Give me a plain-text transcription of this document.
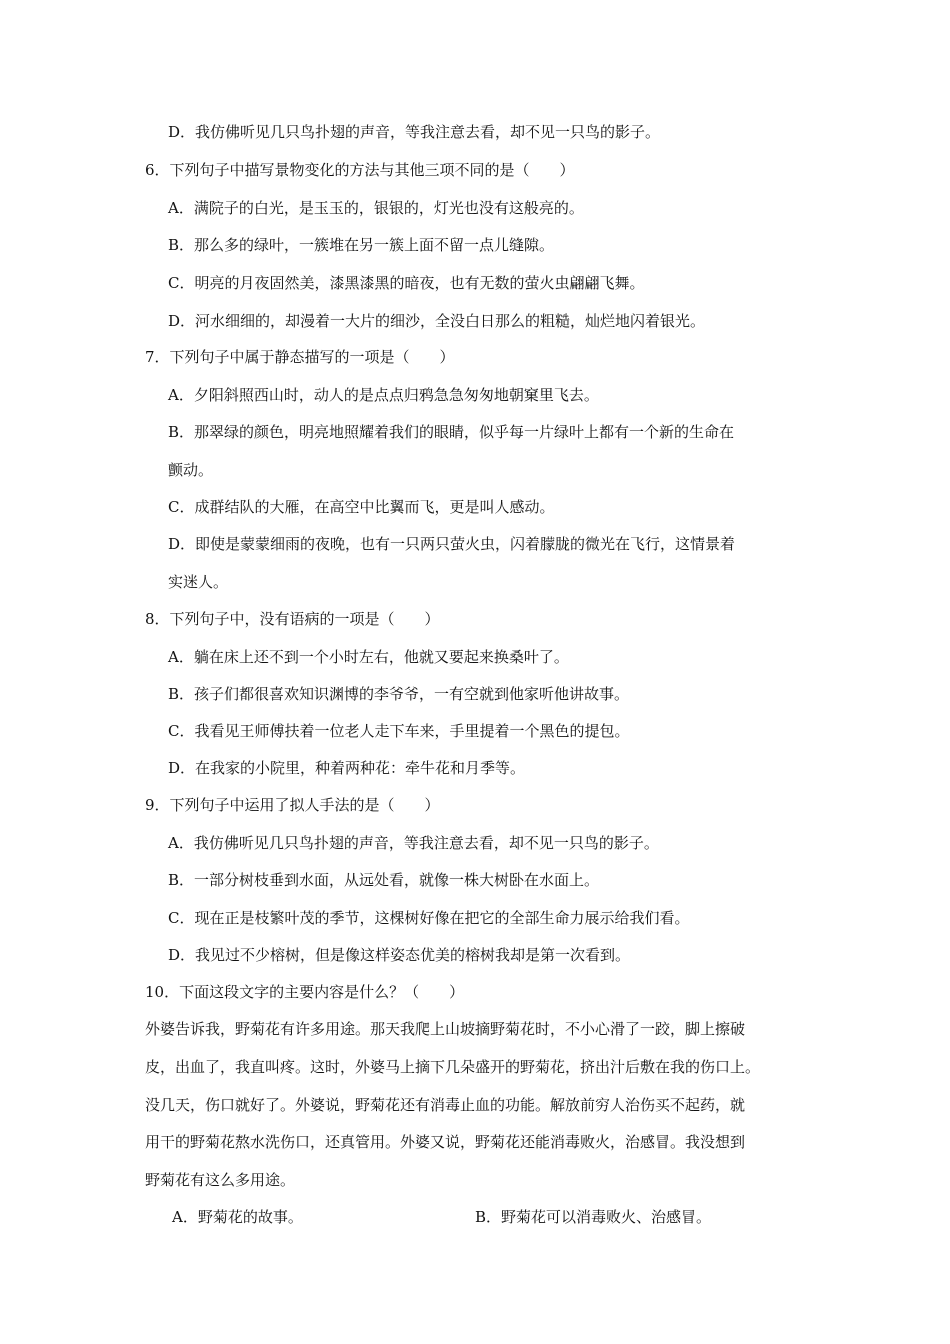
D．我仿佛听见几只鸟扑翅的声音，等我注意去看，却不见一只鸟的影子。
6．下列句子中描写景物变化的方法与其他三项不同的是（　　）
A．满院子的白光，是玉玉的，银银的，灯光也没有这般亮的。
B．那么多的绿叶，一簇堆在另一簇上面不留一点儿缝隙。
C．明亮的月夜固然美，漆黑漆黑的暗夜，也有无数的萤火虫翩翩飞舞。
D．河水细细的，却漫着一大片的细沙，全没白日那么的粗糙，灿烂地闪着银光。
7．下列句子中属于静态描写的一项是（　　）
A．夕阳斜照西山时，动人的是点点归鸦急急匆匆地朝窠里飞去。
B．那翠绿的颜色，明亮地照耀着我们的眼睛，似乎每一片绿叶上都有一个新的生命在
颤动。
C．成群结队的大雁，在高空中比翼而飞，更是叫人感动。
D．即使是蒙蒙细雨的夜晚，也有一只两只萤火虫，闪着朦胧的微光在飞行，这情景着
实迷人。
8．下列句子中，没有语病的一项是（　　）
A．躺在床上还不到一个小时左右，他就又要起来换桑叶了。
B．孩子们都很喜欢知识渊博的李爷爷，一有空就到他家听他讲故事。
C．我看见王师傅扶着一位老人走下车来，手里提着一个黑色的提包。
D．在我家的小院里，种着两种花：牵牛花和月季等。
9．下列句子中运用了拟人手法的是（　　）
A．我仿佛听见几只鸟扑翅的声音，等我注意去看，却不见一只鸟的影子。
B．一部分树枝垂到水面，从远处看，就像一株大树卧在水面上。
C．现在正是枝繁叶茂的季节，这棵树好像在把它的全部生命力展示给我们看。
D．我见过不少榕树，但是像这样姿态优美的榕树我却是第一次看到。
10．下面这段文字的主要内容是什么？（　　）
外婆告诉我，野菊花有许多用途。那天我爬上山坡摘野菊花时，不小心滑了一跤，脚上擦破
皮，出血了，我直叫疼。这时，外婆马上摘下几朵盛开的野菊花，挤出汁后敷在我的伤口上。
没几天，伤口就好了。外婆说，野菊花还有消毒止血的功能。解放前穷人治伤买不起药，就
用干的野菊花熬水洗伤口，还真管用。外婆又说，野菊花还能消毒败火，治感冒。我没想到
野菊花有这么多用途。
A．野菊花的故事。	B．野菊花可以消毒败火、治感冒。
